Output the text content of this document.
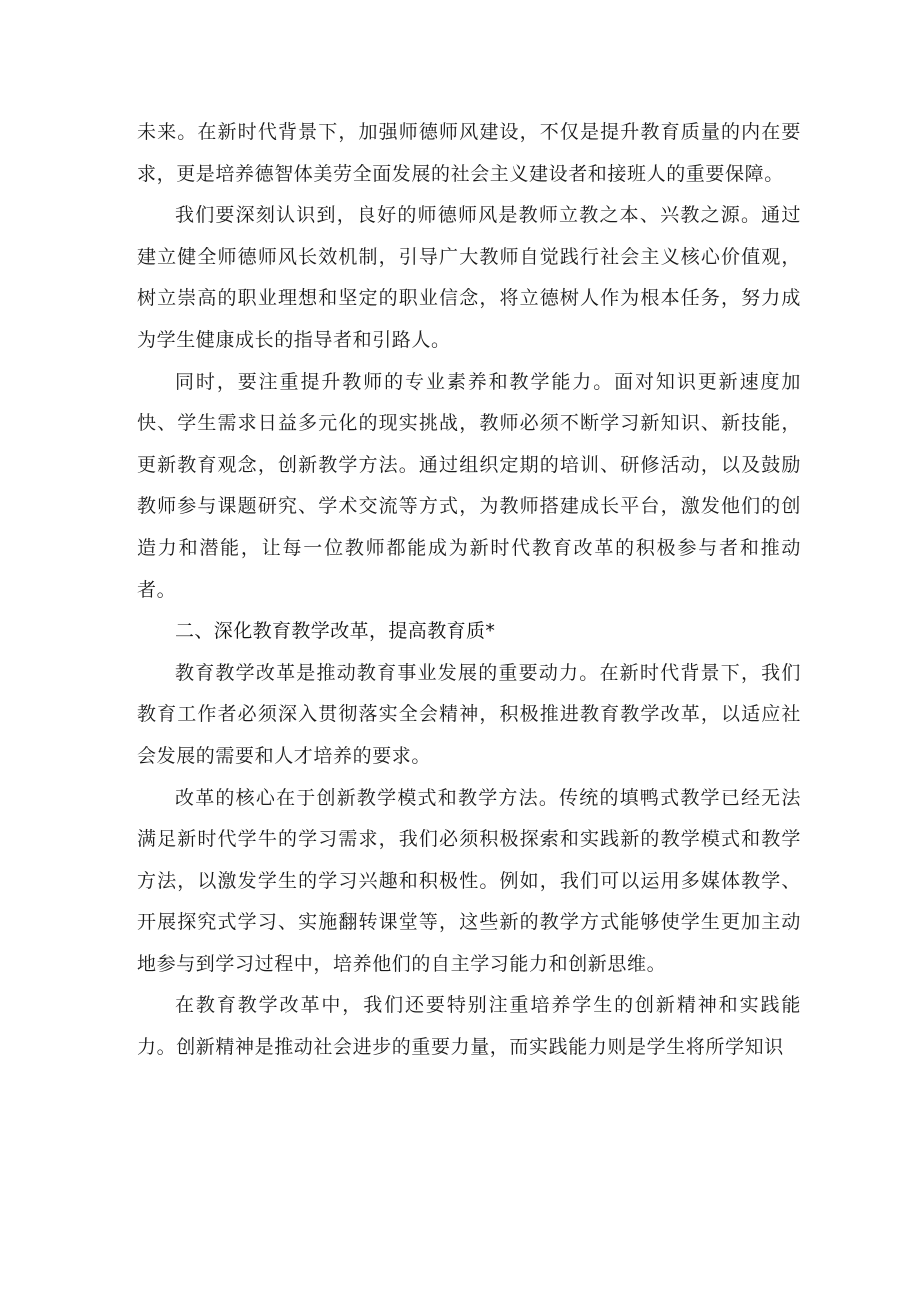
未来。在新时代背景下，加强师德师风建设，不仅是提升教育质量的内在要求，更是培养德智体美劳全面发展的社会主义建设者和接班人的重要保障。

我们要深刻认识到，良好的师德师风是教师立教之本、兴教之源。通过建立健全师德师风长效机制，引导广大教师自觉践行社会主义核心价值观，树立崇高的职业理想和坚定的职业信念，将立德树人作为根本任务，努力成为学生健康成长的指导者和引路人。

同时，要注重提升教师的专业素养和教学能力。面对知识更新速度加快、学生需求日益多元化的现实挑战，教师必须不断学习新知识、新技能，更新教育观念，创新教学方法。通过组织定期的培训、研修活动，以及鼓励教师参与课题研究、学术交流等方式，为教师搭建成长平台，激发他们的创造力和潜能，让每一位教师都能成为新时代教育改革的积极参与者和推动者。

二、深化教育教学改革，提高教育质*

教育教学改革是推动教育事业发展的重要动力。在新时代背景下，我们教育工作者必须深入贯彻落实全会精神，积极推进教育教学改革，以适应社会发展的需要和人才培养的要求。

改革的核心在于创新教学模式和教学方法。传统的填鸭式教学已经无法满足新时代学牛的学习需求，我们必须积极探索和实践新的教学模式和教学方法，以激发学生的学习兴趣和积极性。例如，我们可以运用多媒体教学、开展探究式学习、实施翻转课堂等，这些新的教学方式能够使学生更加主动地参与到学习过程中，培养他们的自主学习能力和创新思维。

在教育教学改革中，我们还要特别注重培养学生的创新精神和实践能力。创新精神是推动社会进步的重要力量，而实践能力则是学生将所学知识
